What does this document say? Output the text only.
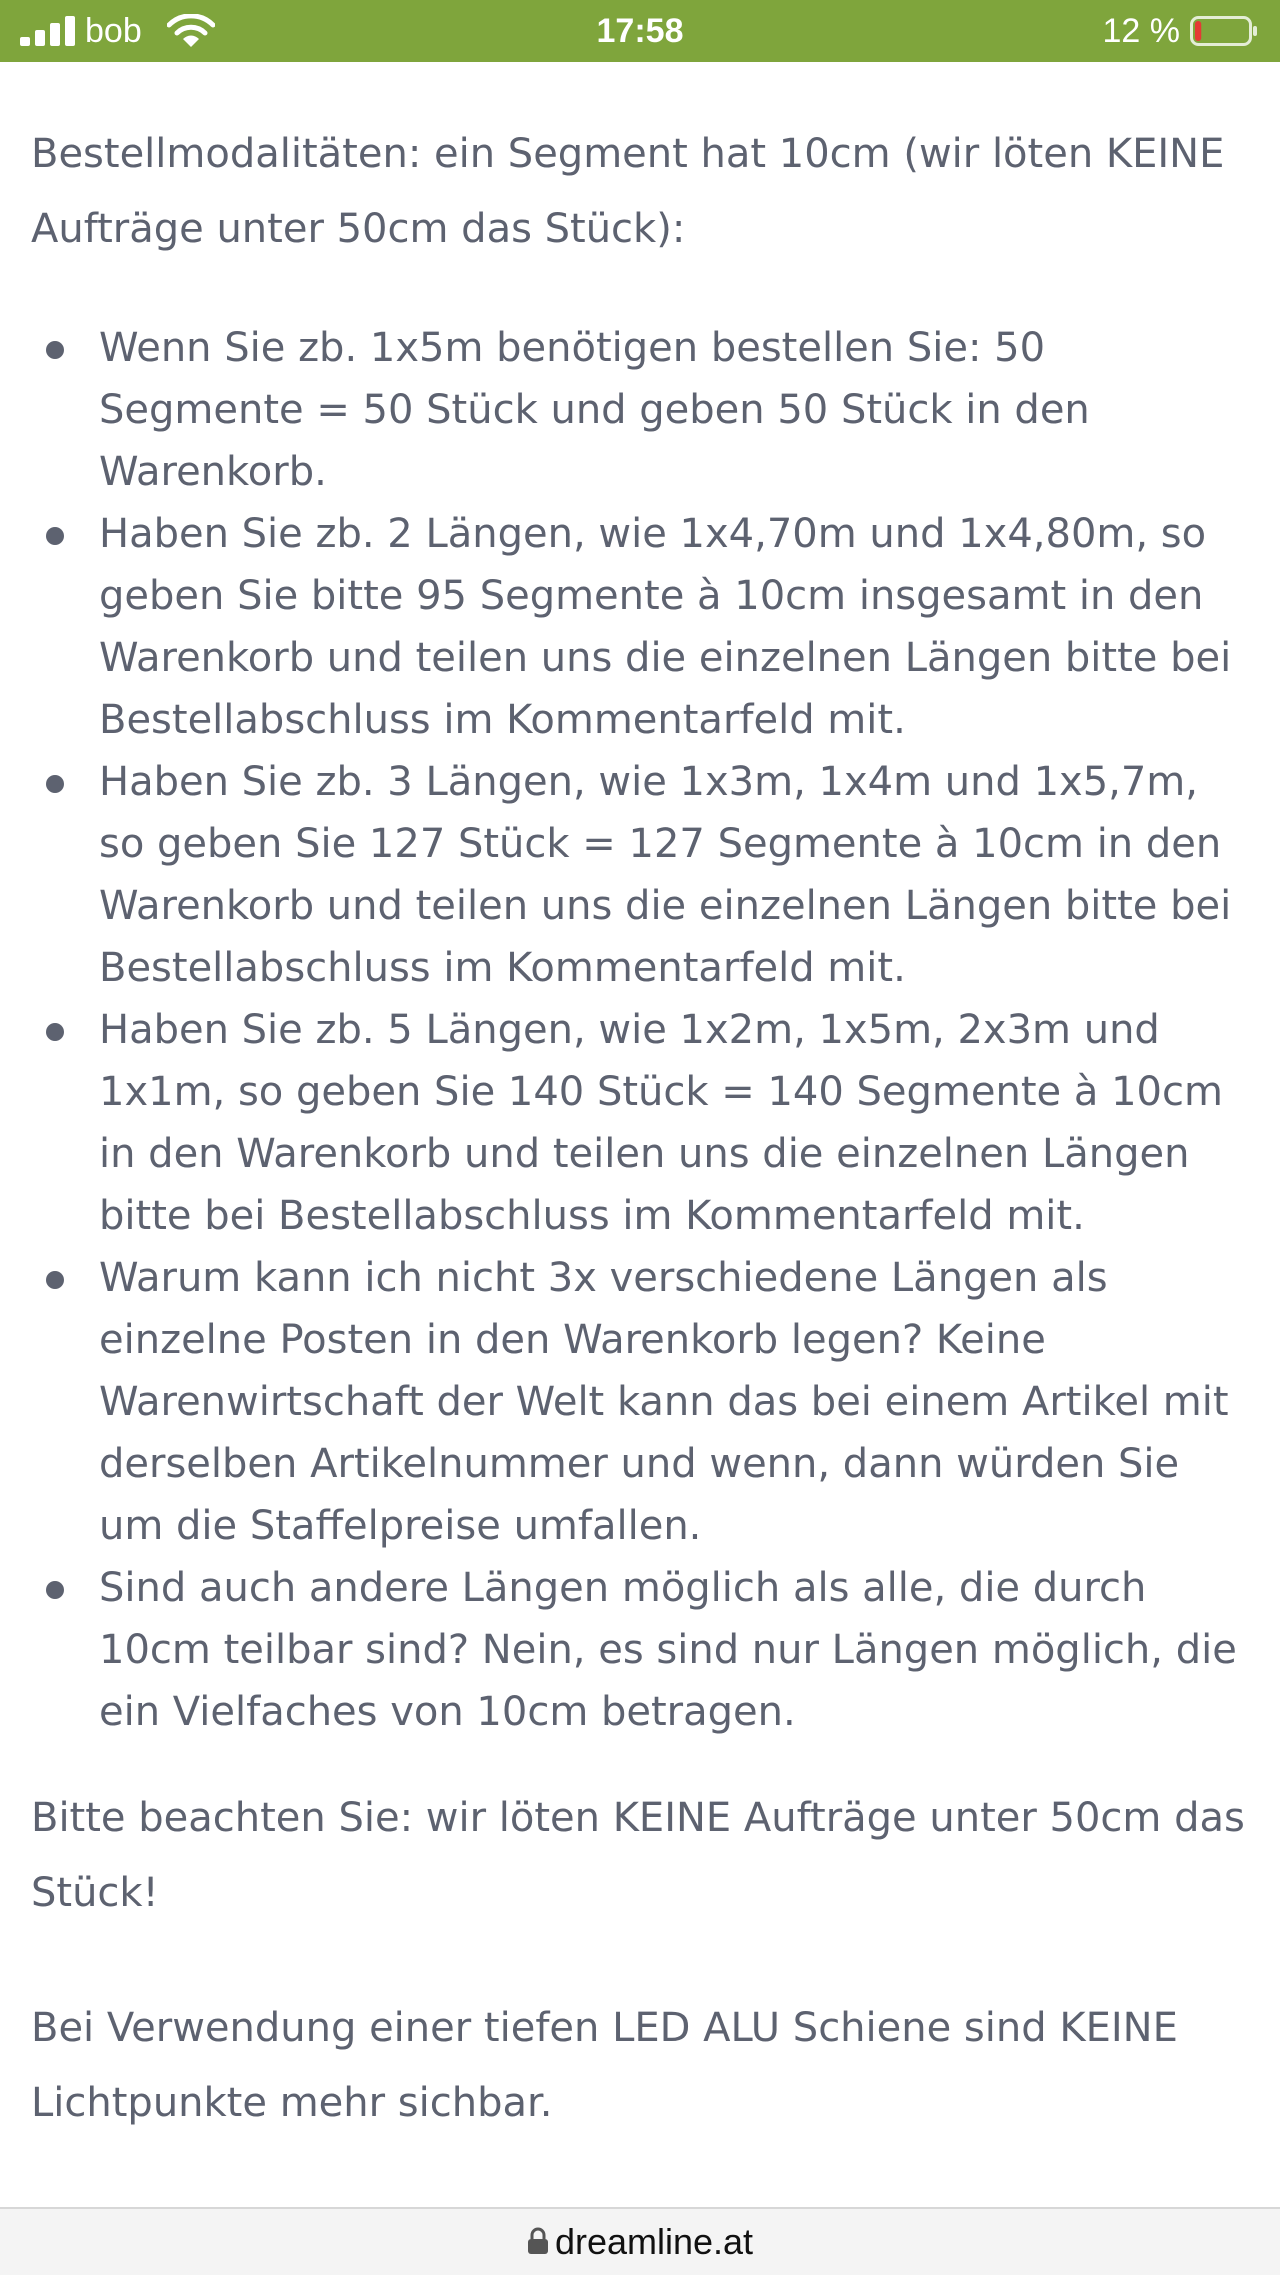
bob	17:58	12 %

Bestellmodalitäten: ein Segment hat 10cm (wir löten KEINE Aufträge unter 50cm das Stück):

Wenn Sie zb. 1x5m benötigen bestellen Sie: 50 Segmente = 50 Stück und geben 50 Stück in den Warenkorb.
Haben Sie zb. 2 Längen, wie 1x4,70m und 1x4,80m, so geben Sie bitte 95 Segmente à 10cm insgesamt in den Warenkorb und teilen uns die einzelnen Längen bitte bei Bestellabschluss im Kommentarfeld mit.
Haben Sie zb. 3 Längen, wie 1x3m, 1x4m und 1x5,7m, so geben Sie 127 Stück = 127 Segmente à 10cm in den Warenkorb und teilen uns die einzelnen Längen bitte bei Bestellabschluss im Kommentarfeld mit.
Haben Sie zb. 5 Längen, wie 1x2m, 1x5m, 2x3m und 1x1m, so geben Sie 140 Stück = 140 Segmente à 10cm in den Warenkorb und teilen uns die einzelnen Längen bitte bei Bestellabschluss im Kommentarfeld mit.
Warum kann ich nicht 3x verschiedene Längen als einzelne Posten in den Warenkorb legen? Keine Warenwirtschaft der Welt kann das bei einem Artikel mit derselben Artikelnummer und wenn, dann würden Sie um die Staffelpreise umfallen.
Sind auch andere Längen möglich als alle, die durch 10cm teilbar sind? Nein, es sind nur Längen möglich, die ein Vielfaches von 10cm betragen.

Bitte beachten Sie: wir löten KEINE Aufträge unter 50cm das Stück!

Bei Verwendung einer tiefen LED ALU Schiene sind KEINE Lichtpunkte mehr sichbar.

dreamline.at
